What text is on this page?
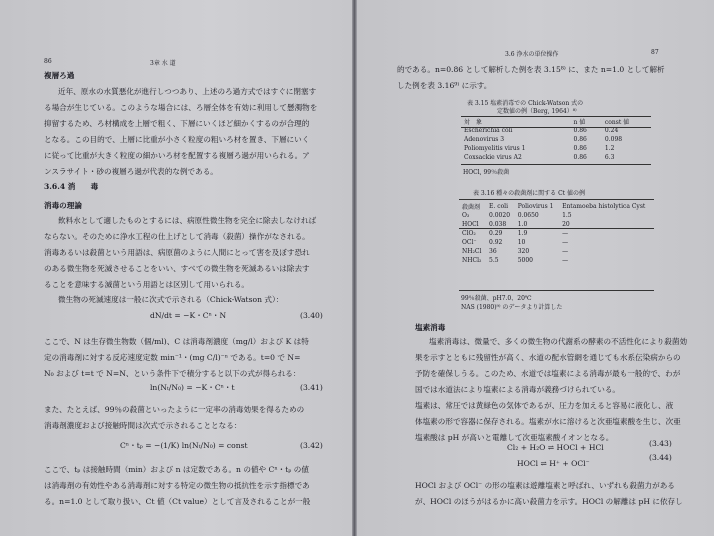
86	3章 水 道
複層ろ過
近年、原水の水質悪化が進行しつつあり、上述のろ過方式ではすぐに閉塞す
る場合が生じている。このような場合には、ろ層全体を有効に利用して懸濁物を
抑留するため、ろ材構成を上層で粗く、下層にいくほど細かくするのが合理的
となる。この目的で、上層に比重が小さく粒度の粗いろ材を置き、下層にいく
に従って比重が大きく粒度の細かいろ材を配置する複層ろ過が用いられる。ア
ンスラサイト・砂の複層ろ過が代表的な例である。
3.6.4 消　　毒
消毒の理論
飲料水として適したものとするには、病原性微生物を完全に除去しなければ
ならない。そのために浄水工程の仕上げとして消毒（殺菌）操作がなされる。
消毒あるいは殺菌という用語は、病原菌のように人間にとって害を及ぼす恐れ
のある微生物を死滅させることをいい、すべての微生物を死滅あるいは除去す
ることを意味する滅菌という用語とは区別して用いられる。
微生物の死滅速度は一般に次式で示される（Chick-Watson 式）：
dN/dt = −K・Cⁿ・N	(3.40)
ここで、N は生存微生物数（個/ml)、C は消毒剤濃度（mg/l）および K は特
定の消毒剤に対する反応速度定数 min⁻¹・(mg C/l)⁻ⁿ である。t=0 で N=
N₀ および t=t で N=N、という条件下で積分すると以下の式が得られる：
ln(Nₜ/N₀) = −K・Cⁿ・t	(3.41)
また、たとえば、99％の殺菌といったように一定率の消毒効果を得るための
消毒剤濃度および接触時間は次式で示されることとなる：
Cⁿ・tₚ = −(1/K) ln(Nₜ/N₀) = const	(3.42)
ここで、tₚ は接触時間（min）および n は定数である。n の値や Cⁿ・tₚ の値
は消毒剤の有効性やある消毒剤に対する特定の微生物の抵抗性を示す指標であ
る。n=1.0 として取り扱い、Ct 値（Ct value）として言及されることが一般
3.6 浄水の単位操作	87
的である。n=0.86 として解析した例を表 3.15⁸⁾ に、また n=1.0 として解析
した例を表 3.16⁹⁾ に示す。
表 3.15 塩素消毒での Chick-Watson 式の
定数値の例（Berg, 1964）⁸⁾
対　象	n 値	const 値
Escherichia coli	0.86	0.24
Adenovirus 3	0.86	0.098
Poliomyelitis virus 1	0.86	1.2
Coxsackie virus A2	0.86	6.3
HOCl, 99％殺菌
表 3.16 種々の殺菌剤に関する Ct 値の例
殺菌剤	E. coli	Poliovirus 1	Entamoeba histolytica Cyst
O₃	0.0020	0.0650	1.5
HOCl	0.038	1.0	20
ClO₂	0.29	1.9	—
OCl⁻	0.92	10	—
NH₂Cl	36	320	—
NHCl₂	5.5	5000	—
99％殺菌、pH7.0、20℃
NAS (1980)⁹⁾ のデータより計算した
塩素消毒
塩素消毒は、微量で、多くの微生物の代謝系の酵素の不活性化により殺菌効
果を示すとともに残留性が高く、水道の配水管網を通じても水系伝染病からの
予防を確保しうる。このため、水道では塩素による消毒が最も一般的で、わが
国では水道法により塩素による消毒が義務づけられている。
塩素は、常圧では黄緑色の気体であるが、圧力を加えると容易に液化し、液
体塩素の形で容器に保存される。塩素が水に溶けると次亜塩素酸を生じ、次亜
塩素酸は pH が高いと電離して次亜塩素酸イオンとなる。
Cl₂ + H₂O ⇌ HOCl + HCl	(3.43)
HOCl ⇌ H⁺ + OCl⁻
(3.44)
HOCl および OCl⁻ の形の塩素は遊離塩素と呼ばれ、いずれも殺菌力がある
が、HOCl のほうがはるかに高い殺菌力を示す。HOCl の解離は pH に依存し
